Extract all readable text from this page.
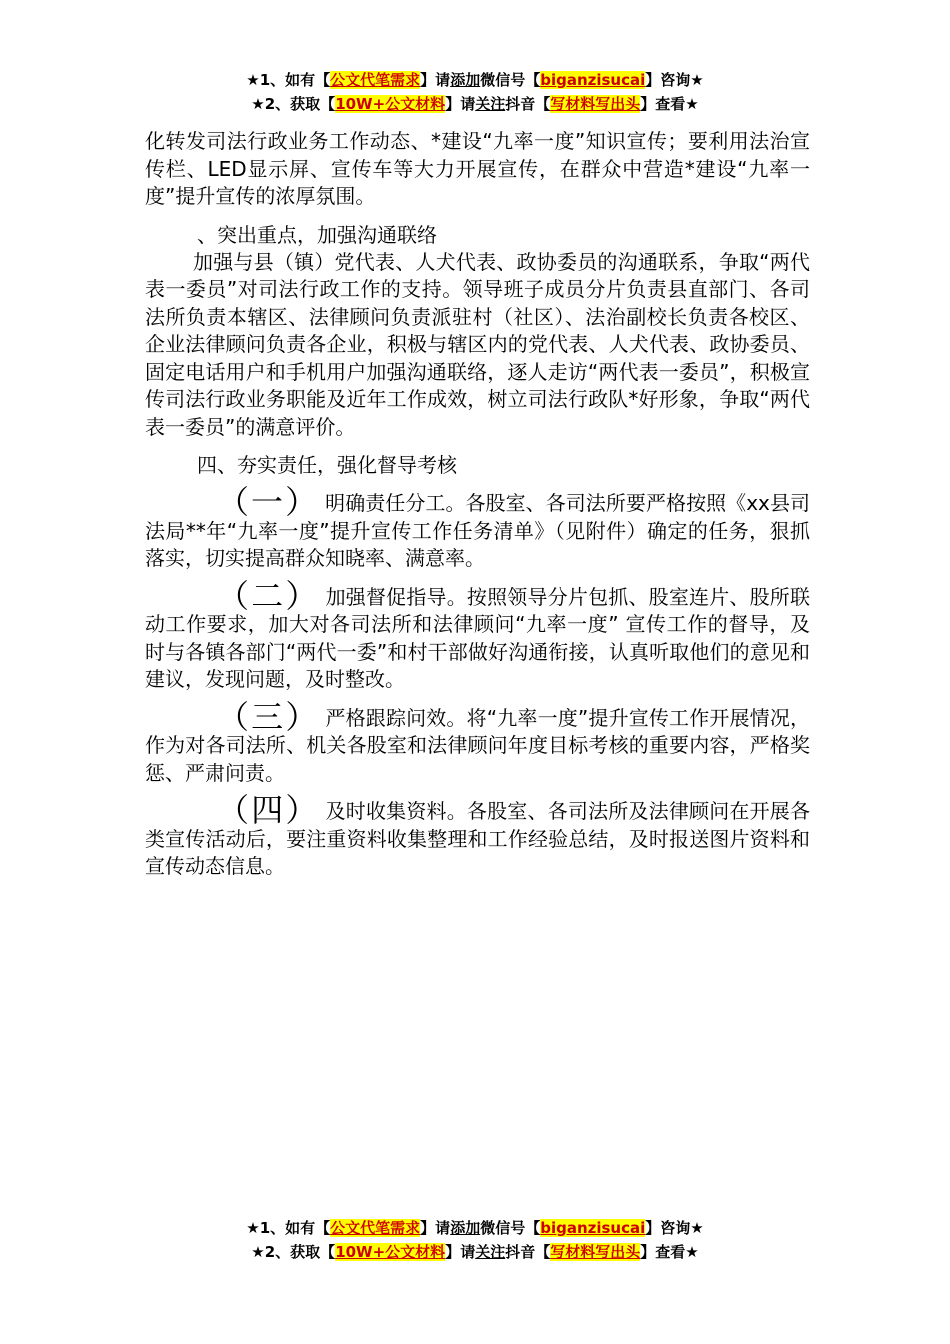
★1、如有【公文代笔需求】请添加微信号【biganzisucai】咨询★
★2、获取【10W+公文材料】请关注抖音【写材料写出头】查看★

化转发司法行政业务工作动态、*建设“九率一度”知识宣传；要利用法治宣传栏、LED显示屏、宣传车等大力开展宣传，在群众中营造*建设“九率一度”提升宣传的浓厚氛围。

、突出重点，加强沟通联络

加强与县（镇）党代表、人犬代表、政协委员的沟通联系，争取“两代表一委员”对司法行政工作的支持。领导班子成员分片负责县直部门、各司法所负责本辖区、法律顾问负责派驻村（社区）、法治副校长负责各校区、企业法律顾问负责各企业，积极与辖区内的党代表、人犬代表、政协委员、固定电话用户和手机用户加强沟通联络，逐人走访“两代表一委员”，积极宣传司法行政业务职能及近年工作成效，树立司法行政队*好形象，争取“两代表一委员”的满意评价。

四、夯实责任，强化督导考核

（一） 明确责任分工。各股室、各司法所要严格按照《xx县司法局**年“九率一度”提升宣传工作任务清单》（见附件）确定的任务，狠抓落实，切实提高群众知晓率、满意率。

（二） 加强督促指导。按照领导分片包抓、股室连片、股所联动工作要求，加大对各司法所和法律顾问“九率一度” 宣传工作的督导，及时与各镇各部门“两代一委”和村干部做好沟通衔接，认真听取他们的意见和建议，发现问题，及时整改。

（三） 严格跟踪问效。将“九率一度”提升宣传工作开展情况，作为对各司法所、机关各股室和法律顾问年度目标考核的重要内容，严格奖惩、严肃问责。

（四） 及时收集资料。各股室、各司法所及法律顾问在开展各类宣传活动后，要注重资料收集整理和工作经验总结，及时报送图片资料和宣传动态信息。

★1、如有【公文代笔需求】请添加微信号【biganzisucai】咨询★
★2、获取【10W+公文材料】请关注抖音【写材料写出头】查看★
